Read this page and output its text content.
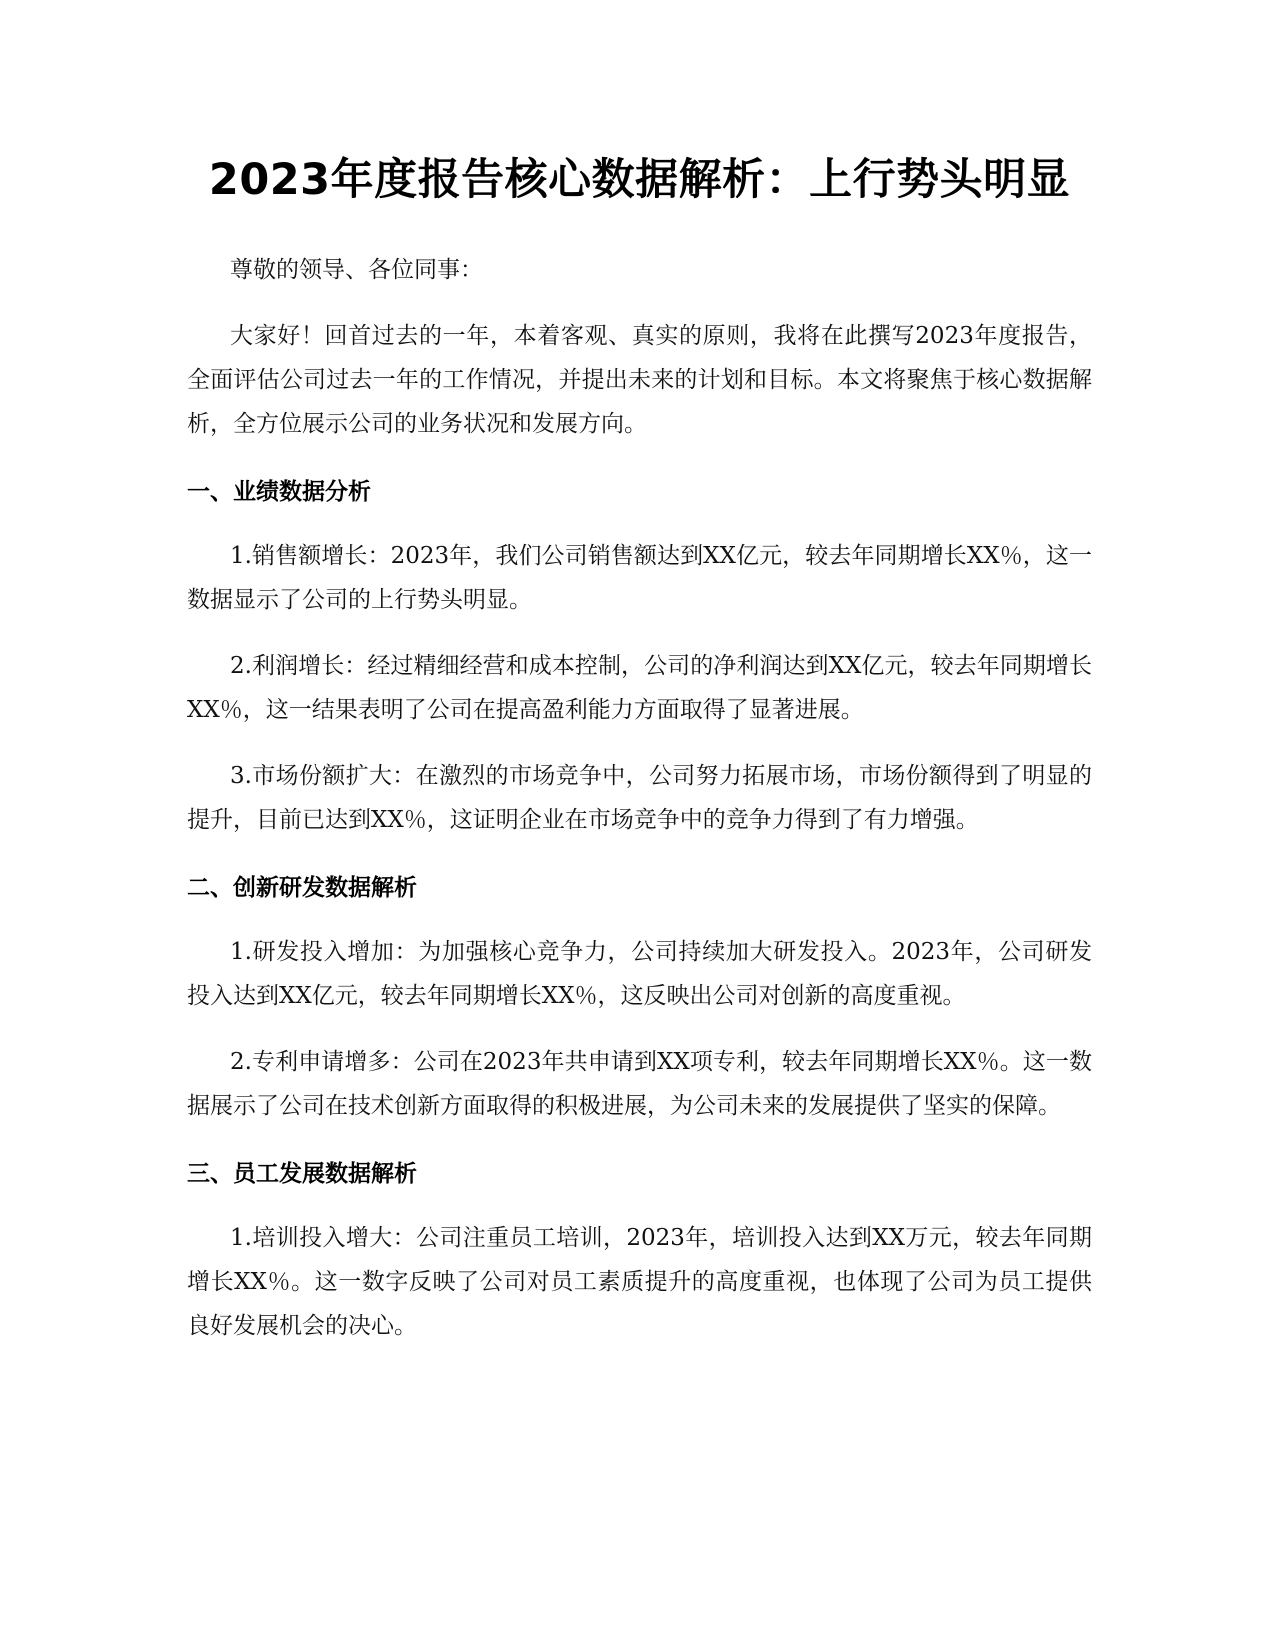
2023年度报告核心数据解析：上行势头明显

尊敬的领导、各位同事：

大家好！回首过去的一年，本着客观、真实的原则，我将在此撰写2023年度报告，全面评估公司过去一年的工作情况，并提出未来的计划和目标。本文将聚焦于核心数据解析，全方位展示公司的业务状况和发展方向。

一、业绩数据分析

1.销售额增长：2023年，我们公司销售额达到XX亿元，较去年同期增长XX％，这一数据显示了公司的上行势头明显。

2.利润增长：经过精细经营和成本控制，公司的净利润达到XX亿元，较去年同期增长XX％，这一结果表明了公司在提高盈利能力方面取得了显著进展。

3.市场份额扩大：在激烈的市场竞争中，公司努力拓展市场，市场份额得到了明显的提升，目前已达到XX％，这证明企业在市场竞争中的竞争力得到了有力增强。

二、创新研发数据解析

1.研发投入增加：为加强核心竞争力，公司持续加大研发投入。2023年，公司研发投入达到XX亿元，较去年同期增长XX％，这反映出公司对创新的高度重视。

2.专利申请增多：公司在2023年共申请到XX项专利，较去年同期增长XX％。这一数据展示了公司在技术创新方面取得的积极进展，为公司未来的发展提供了坚实的保障。

三、员工发展数据解析

1.培训投入增大：公司注重员工培训，2023年，培训投入达到XX万元，较去年同期增长XX％。这一数字反映了公司对员工素质提升的高度重视，也体现了公司为员工提供良好发展机会的决心。
